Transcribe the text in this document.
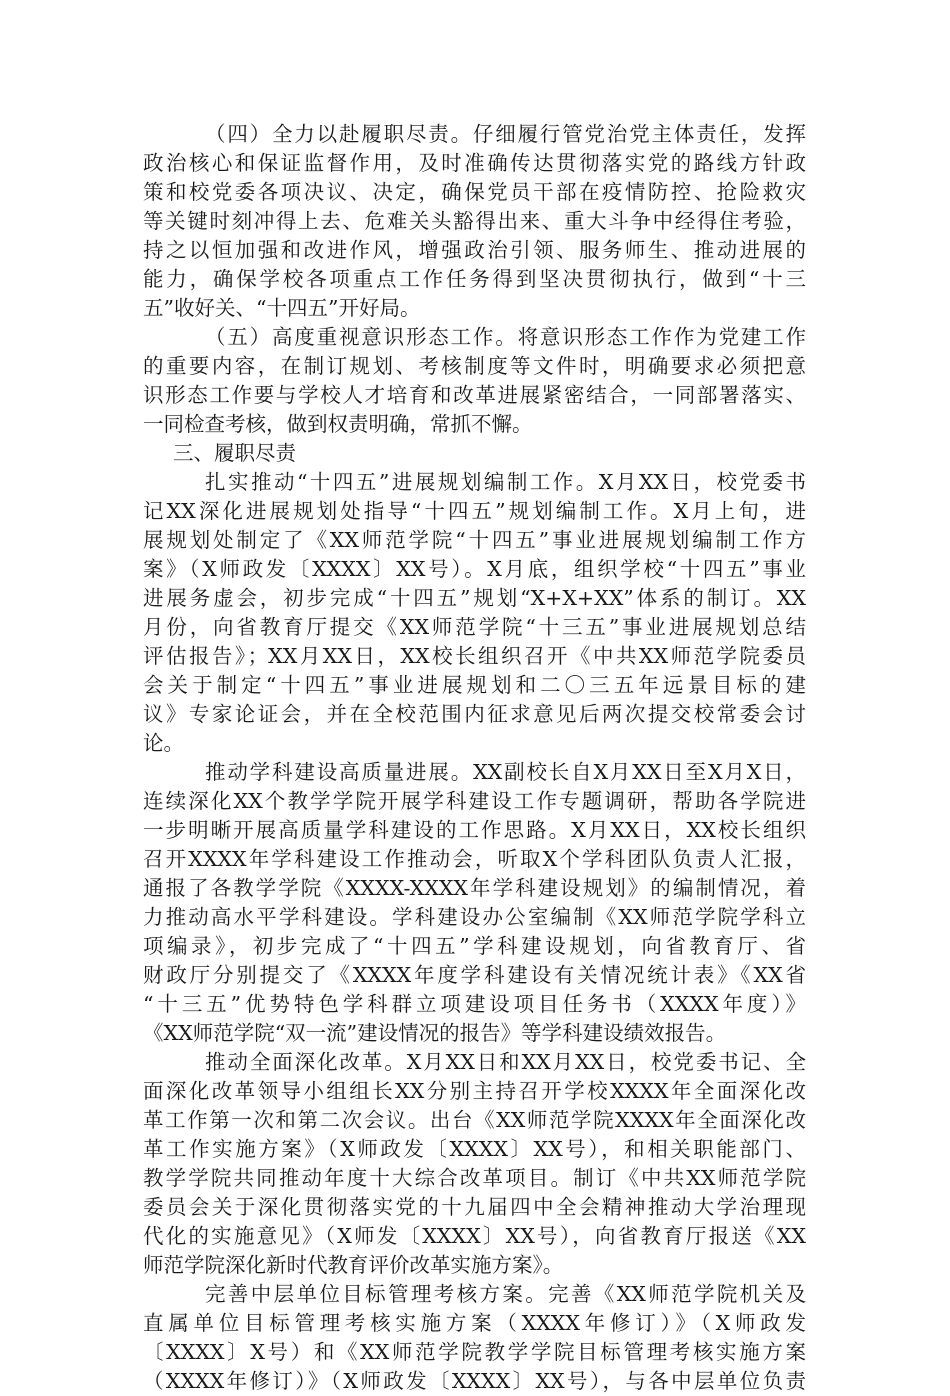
（四）全力以赴履职尽责。仔细履行管党治党主体责任，发挥
政治核心和保证监督作用，及时准确传达贯彻落实党的路线方针政
策和校党委各项决议、决定，确保党员干部在疫情防控、抢险救灾
等关键时刻冲得上去、危难关头豁得出来、重大斗争中经得住考验，
持之以恒加强和改进作风，增强政治引领、服务师生、推动进展的
能力，确保学校各项重点工作任务得到坚决贯彻执行，做到“十三
五”收好关、“十四五”开好局。
（五）高度重视意识形态工作。将意识形态工作作为党建工作
的重要内容，在制订规划、考核制度等文件时，明确要求必须把意
识形态工作要与学校人才培育和改革进展紧密结合，一同部署落实、
一同检查考核，做到权责明确，常抓不懈。
三、履职尽责
扎实推动“十四五”进展规划编制工作。X月XX日，校党委书
记XX深化进展规划处指导“十四五”规划编制工作。X月上旬，进
展规划处制定了《XX师范学院“十四五”事业进展规划编制工作方
案》（X师政发〔XXXX〕XX号）。X月底，组织学校“十四五”事业
进展务虚会，初步完成“十四五”规划“X+X+XX”体系的制订。XX
月份，向省教育厅提交《XX师范学院“十三五”事业进展规划总结
评估报告》；XX月XX日，XX校长组织召开《中共XX师范学院委员
会关于制定“十四五”事业进展规划和二〇三五年远景目标的建
议》专家论证会，并在全校范围内征求意见后两次提交校常委会讨
论。
推动学科建设高质量进展。XX副校长自X月XX日至X月X日，
连续深化XX个教学学院开展学科建设工作专题调研，帮助各学院进
一步明晰开展高质量学科建设的工作思路。X月XX日，XX校长组织
召开XXXX年学科建设工作推动会，听取X个学科团队负责人汇报，
通报了各教学学院《XXXX-XXXX年学科建设规划》的编制情况，着
力推动高水平学科建设。学科建设办公室编制《XX师范学院学科立
项编录》，初步完成了“十四五”学科建设规划，向省教育厅、省
财政厅分别提交了《XXXX年度学科建设有关情况统计表》《XX省
“十三五”优势特色学科群立项建设项目任务书（XXXX年度）》
《XX师范学院“双一流”建设情况的报告》等学科建设绩效报告。
推动全面深化改革。X月XX日和XX月XX日，校党委书记、全
面深化改革领导小组组长XX分别主持召开学校XXXX年全面深化改
革工作第一次和第二次会议。出台《XX师范学院XXXX年全面深化改
革工作实施方案》（X师政发〔XXXX〕XX号），和相关职能部门、
教学学院共同推动年度十大综合改革项目。制订《中共XX师范学院
委员会关于深化贯彻落实党的十九届四中全会精神推动大学治理现
代化的实施意见》（X师发〔XXXX〕XX号），向省教育厅报送《XX
师范学院深化新时代教育评价改革实施方案》。
完善中层单位目标管理考核方案。完善《XX师范学院机关及
直属单位目标管理考核实施方案（XXXX年修订）》（X师政发
〔XXXX〕X号）和《XX师范学院教学学院目标管理考核实施方案
（XXXX年修订）》（X师政发〔XXXX〕XX号），与各中层单位负责
